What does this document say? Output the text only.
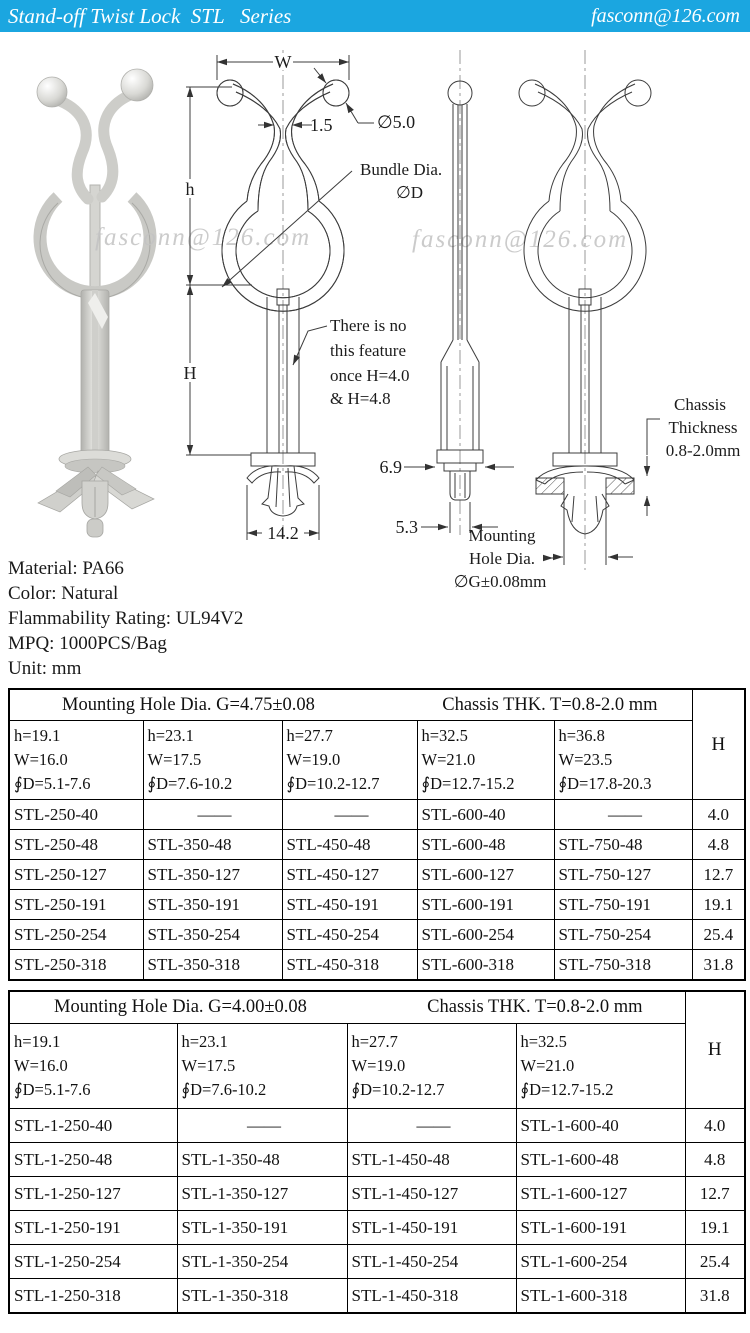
Stand-off Twist Lock  STL   Series	fasconn@126.com
fasconn@126.com	fasconn@126.com
W
h
H
1.5 ∅5.0
Bundle Dia.
∅D
14.2
There is no
this feature
once H=4.0
& H=4.8
6.9
5.3	Mounting
Hole Dia.
∅G±0.08mm
Chassis
Thickness
0.8-2.0mm
Material: PA66
Color: Natural
Flammability Rating: UL94V2
MPQ: 1000PCS/Bag
Unit: mm
Mounting Hole Dia. G=4.75±0.08 Chassis THK. T=0.8-2.0 mm					H

h=19.1
W=16.0
∮D=5.1-7.6

h=23.1
W=17.5
∮D=7.6-10.2

h=27.7
W=19.0
∮D=10.2-12.7

h=32.5
W=21.0
∮D=12.7-15.2

h=36.8
W=23.5
∮D=17.8-20.3

STL-250-40	——	——	STL-600-40	——	4.0
STL-250-48	STL-350-48	STL-450-48	STL-600-48	STL-750-48	4.8
STL-250-127	STL-350-127	STL-450-127	STL-600-127	STL-750-127	12.7
STL-250-191	STL-350-191	STL-450-191	STL-600-191	STL-750-191	19.1
STL-250-254	STL-350-254	STL-450-254	STL-600-254	STL-750-254	25.4
STL-250-318	STL-350-318	STL-450-318	STL-600-318	STL-750-318	31.8
Mounting Hole Dia. G=4.00±0.08 Chassis THK. T=0.8-2.0 mm				H

h=19.1
W=16.0
∮D=5.1-7.6

h=23.1
W=17.5
∮D=7.6-10.2

h=27.7
W=19.0
∮D=10.2-12.7

h=32.5
W=21.0
∮D=12.7-15.2

STL-1-250-40	——	——	STL-1-600-40	4.0
STL-1-250-48	STL-1-350-48	STL-1-450-48	STL-1-600-48	4.8
STL-1-250-127	STL-1-350-127	STL-1-450-127	STL-1-600-127	12.7
STL-1-250-191	STL-1-350-191	STL-1-450-191	STL-1-600-191	19.1
STL-1-250-254	STL-1-350-254	STL-1-450-254	STL-1-600-254	25.4
STL-1-250-318	STL-1-350-318	STL-1-450-318	STL-1-600-318	31.8
